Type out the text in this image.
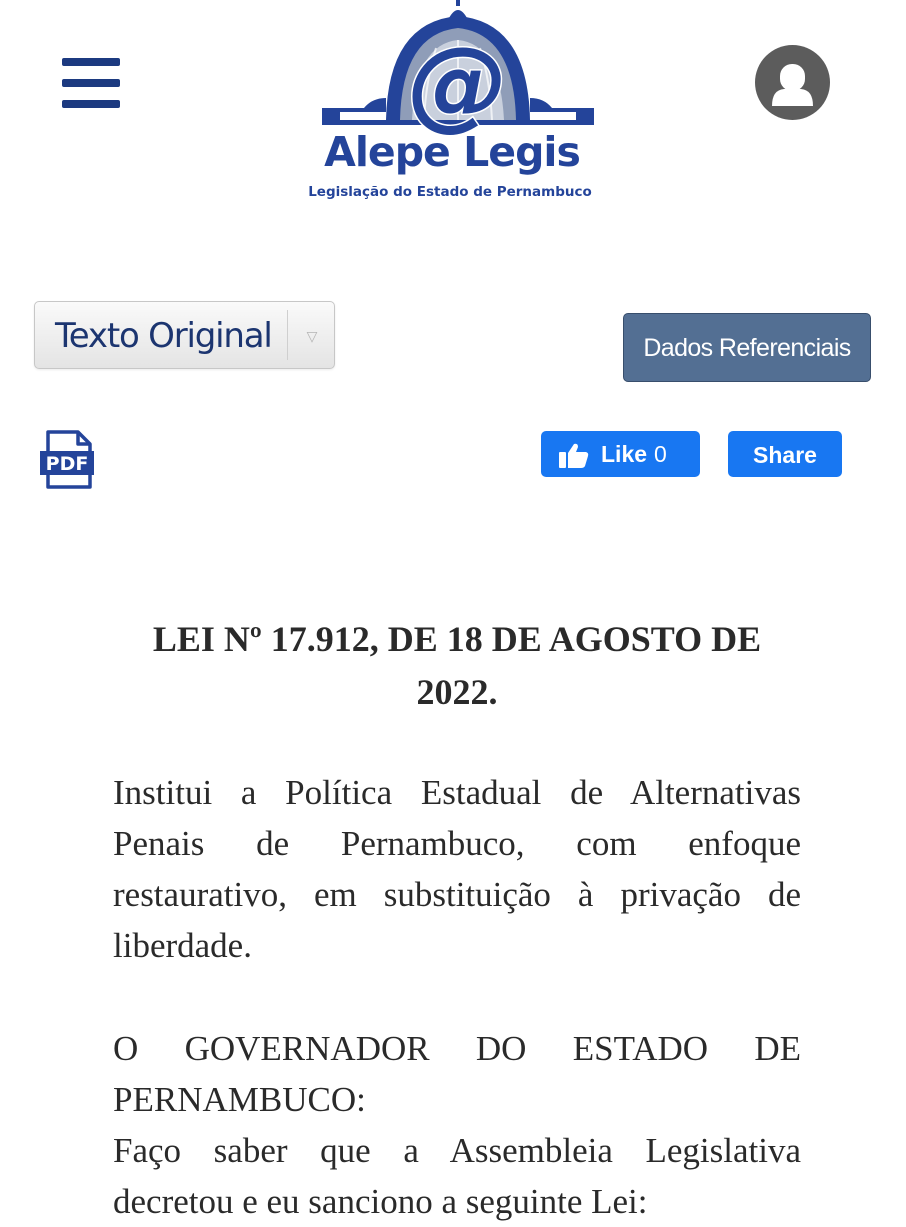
@
Alepe Legis
Legislação do Estado de Pernambuco
Texto Original	▽	Dados Referenciais
PDF	Like 0	Share
LEI Nº 17.912, DE 18 DE AGOSTO DE 2022.
Institui a Política Estadual de Alternativas Penais de Pernambuco, com enfoque restaurativo, em substituição à privação de liberdade.
O GOVERNADOR DO ESTADO DE PERNAMBUCO:
Faço saber que a Assembleia Legislativa decretou e eu sanciono a seguinte Lei:
